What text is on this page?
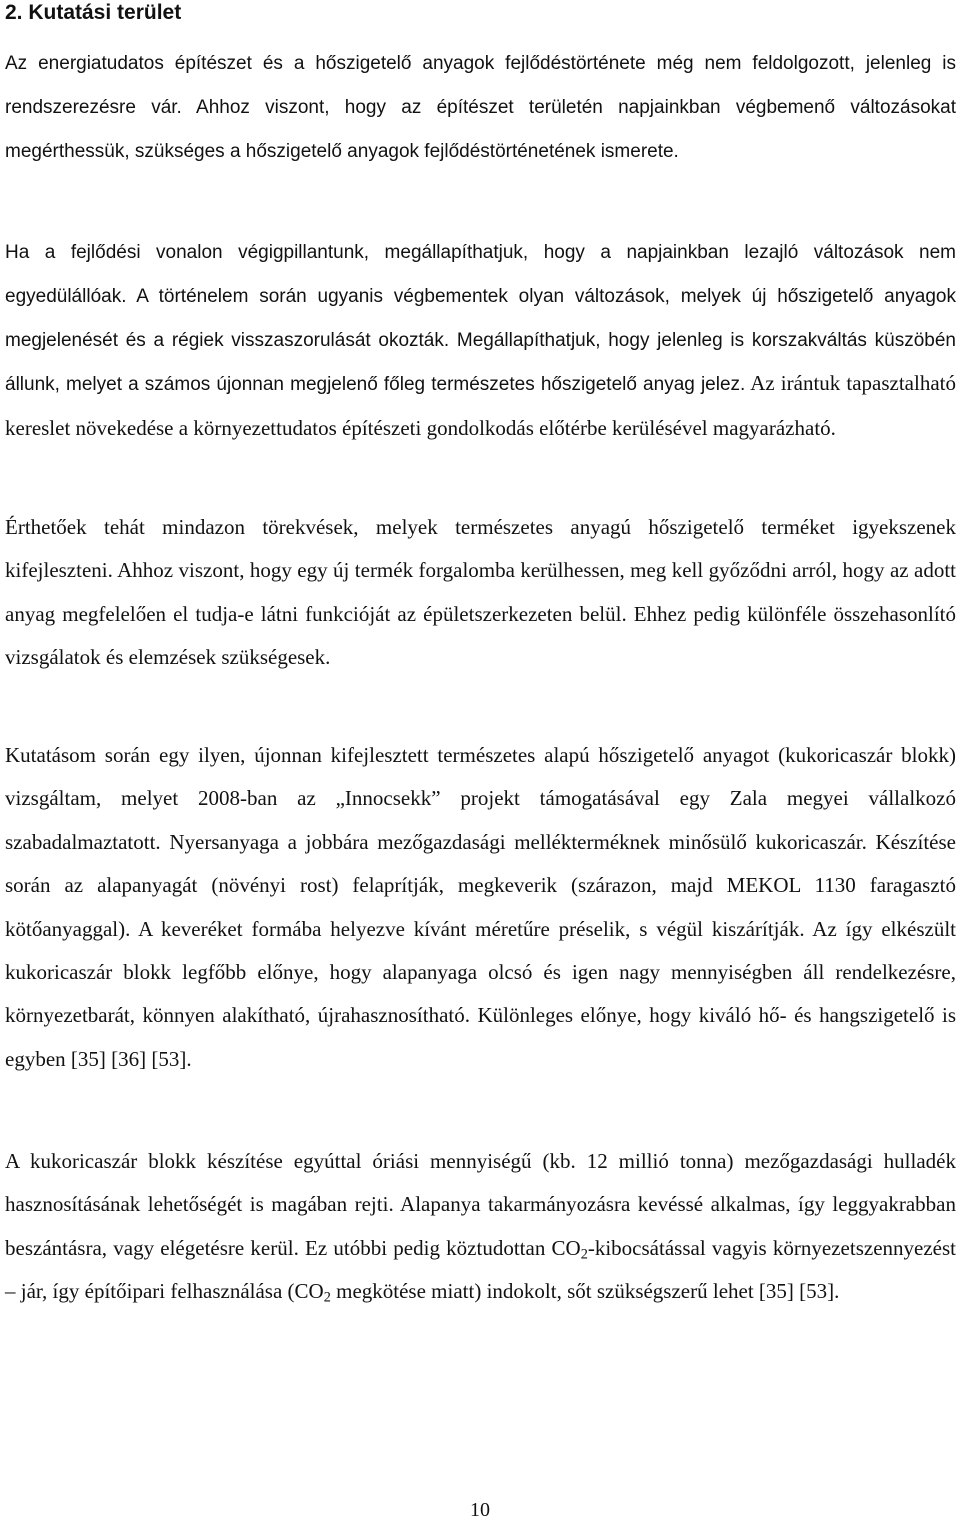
2. Kutatási terület

Az energiatudatos építészet és a hőszigetelő anyagok fejlődéstörténete még nem feldolgozott, jelenleg is rendszerezésre vár. Ahhoz viszont, hogy az építészet területén napjainkban végbemenő változásokat megérthessük, szükséges a hőszigetelő anyagok fejlődéstörténetének ismerete.

Ha a fejlődési vonalon végigpillantunk, megállapíthatjuk, hogy a napjainkban lezajló változások nem egyedülállóak. A történelem során ugyanis végbementek olyan változások, melyek új hőszigetelő anyagok megjelenését és a régiek visszaszorulását okozták. Megállapíthatjuk, hogy jelenleg is korszakváltás küszöbén állunk, melyet a számos újonnan megjelenő főleg természetes hőszigetelő anyag jelez. Az irántuk tapasztalható kereslet növekedése a környezettudatos építészeti gondolkodás előtérbe kerülésével magyarázható.

Érthetőek tehát mindazon törekvések, melyek természetes anyagú hőszigetelő terméket igyekszenek kifejleszteni. Ahhoz viszont, hogy egy új termék forgalomba kerülhessen, meg kell győződni arról, hogy az adott anyag megfelelően el tudja-e látni funkcióját az épületszerkezeten belül. Ehhez pedig különféle összehasonlító vizsgálatok és elemzések szükségesek.

Kutatásom során egy ilyen, újonnan kifejlesztett természetes alapú hőszigetelő anyagot (kukoricaszár blokk) vizsgáltam, melyet 2008-ban az „Innocsekk” projekt támogatásával egy Zala megyei vállalkozó szabadalmaztatott. Nyersanyaga a jobbára mezőgazdasági mellékterméknek minősülő kukoricaszár. Készítése során az alapanyagát (növényi rost) felaprítják, megkeverik (szárazon, majd MEKOL 1130 faragasztó kötőanyaggal). A keveréket formába helyezve kívánt méretűre préselik, s végül kiszárítják. Az így elkészült kukoricaszár blokk legfőbb előnye, hogy alapanyaga olcsó és igen nagy mennyiségben áll rendelkezésre, környezetbarát, könnyen alakítható, újrahasznosítható. Különleges előnye, hogy kiváló hő- és hangszigetelő is egyben [35] [36] [53].

A kukoricaszár blokk készítése egyúttal óriási mennyiségű (kb. 12 millió tonna) mezőgazdasági hulladék hasznosításának lehetőségét is magában rejti. Alapanya takarmányozásra kevéssé alkalmas, így leggyakrabban beszántásra, vagy elégetésre kerül. Ez utóbbi pedig köztudottan $CO_2$-kibocsátással vagyis környezetszennyezést – jár, így építőipari felhasználása ($CO_2$ megkötése miatt) indokolt, sőt szükségszerű lehet [35] [53].

10
